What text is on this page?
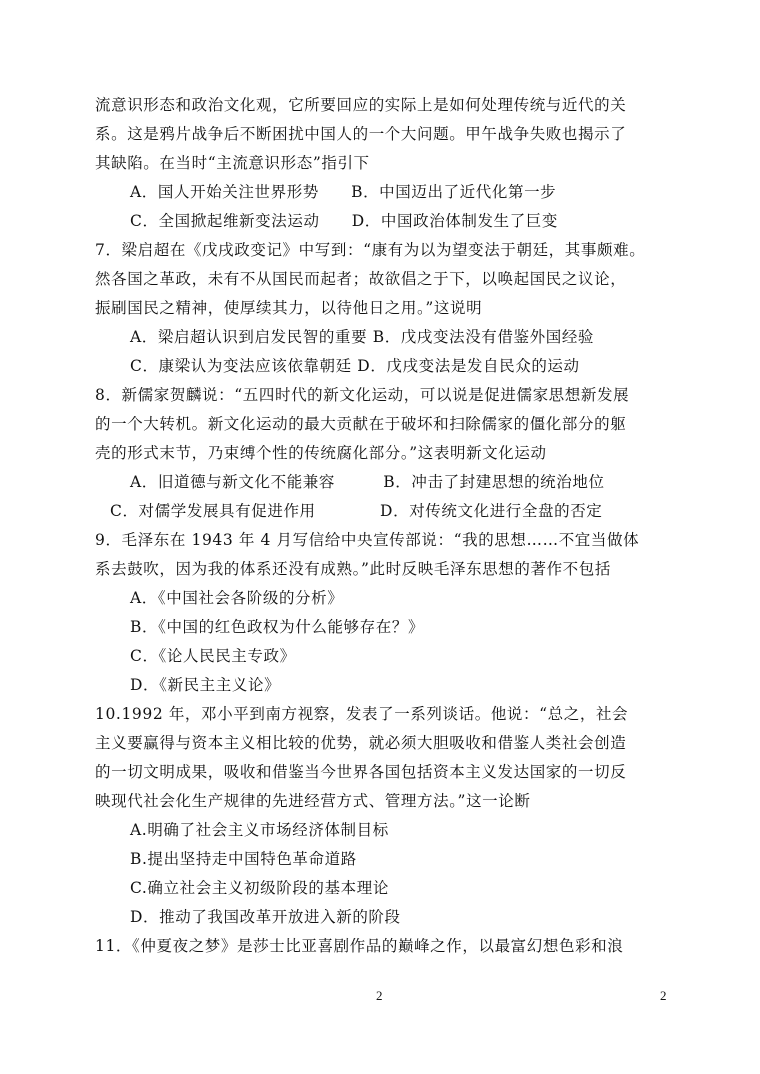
流意识形态和政治文化观，它所要回应的实际上是如何处理传统与近代的关
系。这是鸦片战争后不断困扰中国人的一个大问题。甲午战争失败也揭示了
其缺陷。在当时“主流意识形态”指引下
A．国人开始关注世界形势　　B．中国迈出了近代化第一步
C．全国掀起维新变法运动　　D．中国政治体制发生了巨变
7．梁启超在《戊戌政变记》中写到：“康有为以为望变法于朝廷，其事颇难。
然各国之革政，未有不从国民而起者；故欲倡之于下，以唤起国民之议论，
振刷国民之精神，使厚续其力，以待他日之用。”这说明
A．梁启超认识到启发民智的重要 B．戊戌变法没有借鉴外国经验
C．康梁认为变法应该依靠朝廷 D．戊戌变法是发自民众的运动
8．新儒家贺麟说：“五四时代的新文化运动，可以说是促进儒家思想新发展
的一个大转机。新文化运动的最大贡献在于破坏和扫除儒家的僵化部分的躯
壳的形式末节，乃束缚个性的传统腐化部分。”这表明新文化运动
A．旧道德与新文化不能兼容　　　B．冲击了封建思想的统治地位
C．对儒学发展具有促进作用　　　　D．对传统文化进行全盘的否定
9．毛泽东在 1943 年 4 月写信给中央宣传部说：“我的思想……不宜当做体
系去鼓吹，因为我的体系还没有成熟。”此时反映毛泽东思想的著作不包括
A．《中国社会各阶级的分析》
B．《中国的红色政权为什么能够存在？》
C．《论人民民主专政》
D．《新民主主义论》
10.1992 年，邓小平到南方视察，发表了一系列谈话。他说：“总之，社会
主义要赢得与资本主义相比较的优势，就必须大胆吸收和借鉴人类社会创造
的一切文明成果，吸收和借鉴当今世界各国包括资本主义发达国家的一切反
映现代社会化生产规律的先进经营方式、管理方法。”这一论断
A.明确了社会主义市场经济体制目标
B.提出坚持走中国特色革命道路
C.确立社会主义初级阶段的基本理论
D．推动了我国改革开放进入新的阶段
11．《仲夏夜之梦》是莎士比亚喜剧作品的巅峰之作，以最富幻想色彩和浪
2	2
